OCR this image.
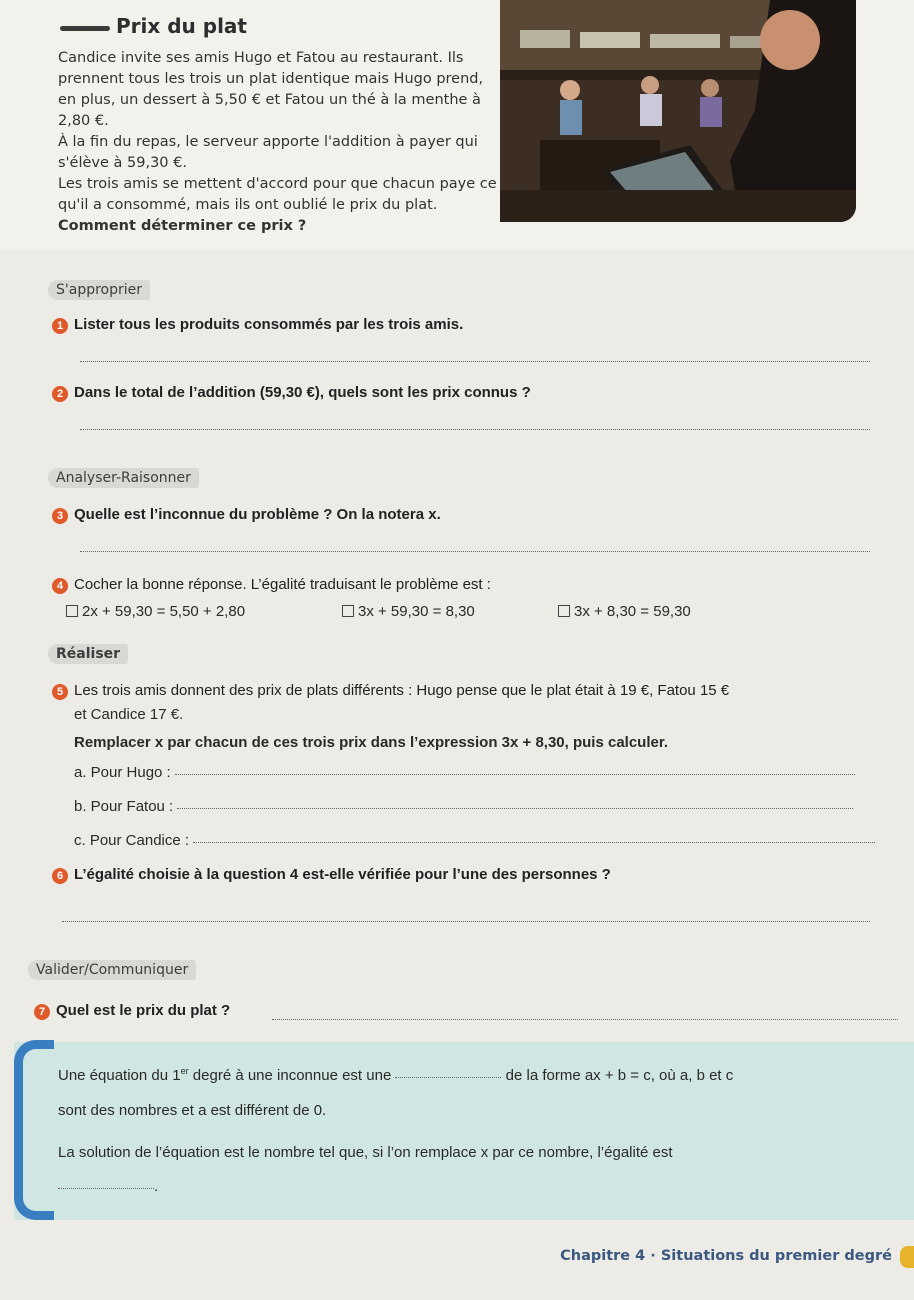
Prix du plat

Candice invite ses amis Hugo et Fatou au restaurant. Ils prennent tous les trois un plat identique mais Hugo prend, en plus, un dessert à 5,50 € et Fatou un thé à la menthe à 2,80 €.

À la fin du repas, le serveur apporte l'addition à payer qui s'élève à 59,30 €.

Les trois amis se mettent d'accord pour que chacun paye ce qu'il a consommé, mais ils ont oublié le prix du plat.

Comment déterminer ce prix ?

S'approprier
1 Lister tous les produits consommés par les trois amis.
2 Dans le total de l’addition (59,30 €), quels sont les prix connus ?
Analyser-Raisonner
3 Quelle est l’inconnue du problème ? On la notera x.
4 Cocher la bonne réponse. L’égalité traduisant le problème est :
2x + 59,30 = 5,50 + 2,80	3x + 59,30 = 8,30	3x + 8,30 = 59,30
Réaliser
5 Les trois amis donnent des prix de plats différents : Hugo pense que le plat était à 19 €, Fatou 15 €
et Candice 17 €.
Remplacer x par chacun de ces trois prix dans l’expression 3x + 8,30, puis calculer.
a. Pour Hugo :
b. Pour Fatou :
c. Pour Candice :
6 L’égalité choisie à la question 4 est-elle vérifiée pour l’une des personnes ?
Valider/Communiquer
7 Quel est le prix du plat ?
Une équation du 1er degré à une inconnue est une	de la forme ax + b = c, où a, b et c
sont des nombres et a est différent de 0.
La solution de l’équation est le nombre tel que, si l’on remplace x par ce nombre, l’égalité est
.
Chapitre 4 · Situations du premier degré
